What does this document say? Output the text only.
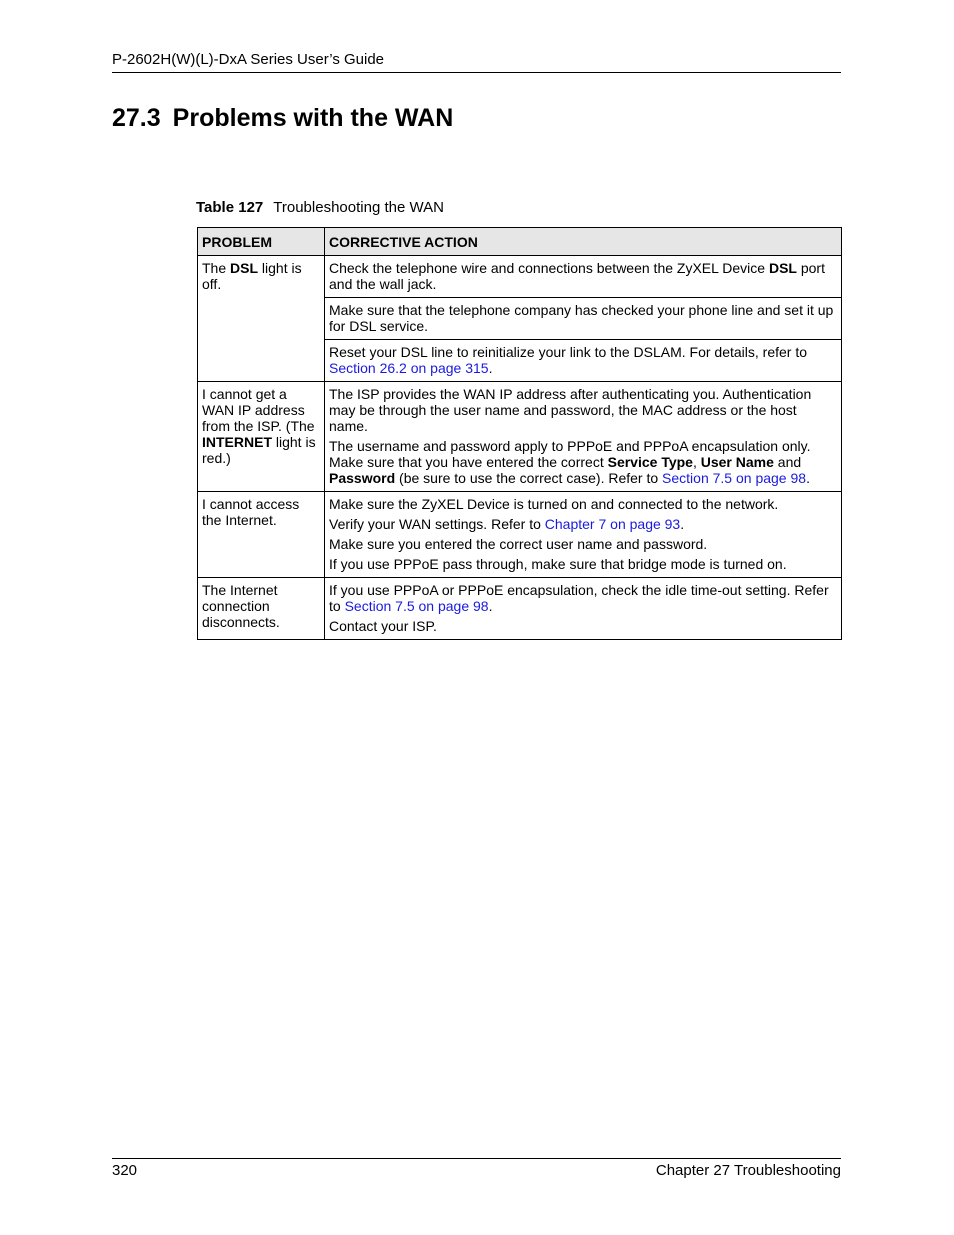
P-2602H(W)(L)-DxA Series User’s Guide
27.3 Problems with the WAN
Table 127 Troubleshooting the WAN
PROBLEM	CORRECTIVE ACTION
The DSL light is off.	Check the telephone wire and connections between the ZyXEL Device DSL port and the wall jack.
	Make sure that the telephone company has checked your phone line and set it up for DSL service.
	Reset your DSL line to reinitialize your link to the DSLAM. For details, refer to Section 26.2 on page 315.
I cannot get a WAN IP address from the ISP. (The INTERNET light is red.)	The ISP provides the WAN IP address after authenticating you. Authentication may be through the user name and password, the MAC address or the host name.

The username and password apply to PPPoE and PPPoA encapsulation only. Make sure that you have entered the correct Service Type, User Name and Password (be sure to use the correct case). Refer to Section 7.5 on page 98.

I cannot access the Internet.	Make sure the ZyXEL Device is turned on and connected to the network.

Verify your WAN settings. Refer to Chapter 7 on page 93.

Make sure you entered the correct user name and password.

If you use PPPoE pass through, make sure that bridge mode is turned on.

The Internet connection disconnects.	If you use PPPoA or PPPoE encapsulation, check the idle time-out setting. Refer to Section 7.5 on page 98.

Contact your ISP.

320	Chapter 27 Troubleshooting
